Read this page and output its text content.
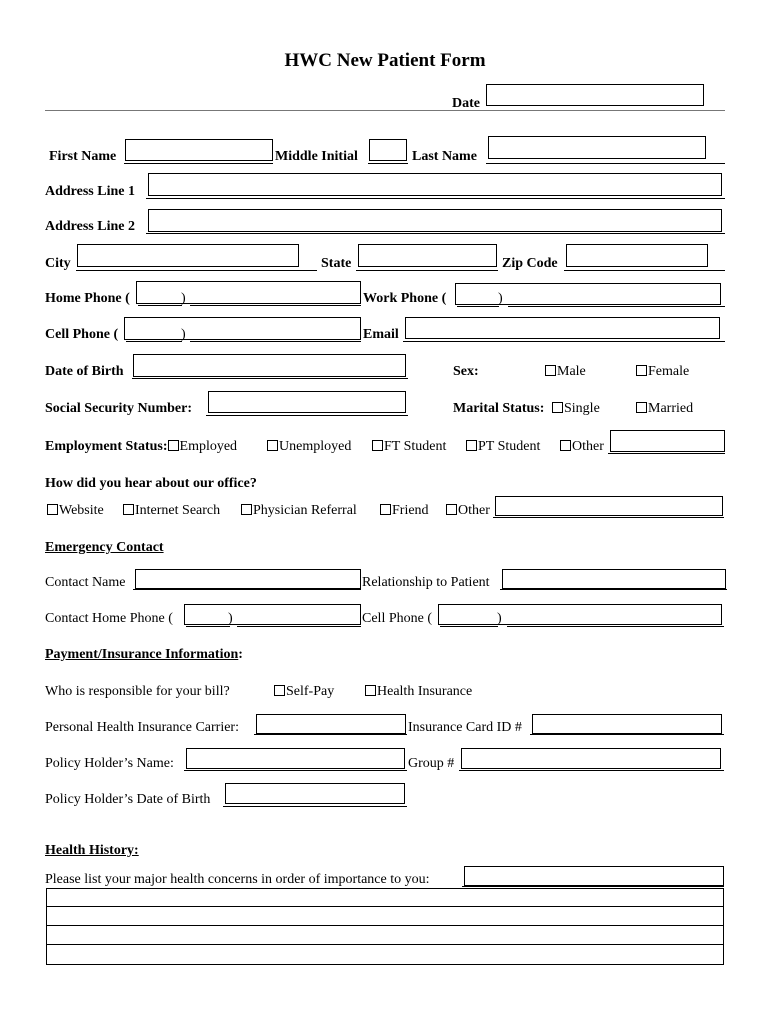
HWC New Patient Form
Date
First Name	Middle Initial	Last Name
Address Line 1
Address Line 2
City	State	Zip Code
Home Phone (	)	Work Phone (	)
Cell Phone (	)	Email
Date of Birth	Sex:	Male	Female
Social Security Number:	Marital Status:	Single	Married
Employment Status: Employed	Unemployed	FT Student	PT Student	Other
How did you hear about our office?
Website	Internet Search	Physician Referral	Friend	Other
Emergency Contact
Contact Name	Relationship to Patient
Contact Home Phone (	)	Cell Phone (	)
Payment/Insurance Information:
Who is responsible for your bill?	Self-Pay	Health Insurance
Personal Health Insurance Carrier:	Insurance Card ID #
Policy Holder’s Name:	Group #
Policy Holder’s Date of Birth
Health History:
Please list your major health concerns in order of importance to you:
